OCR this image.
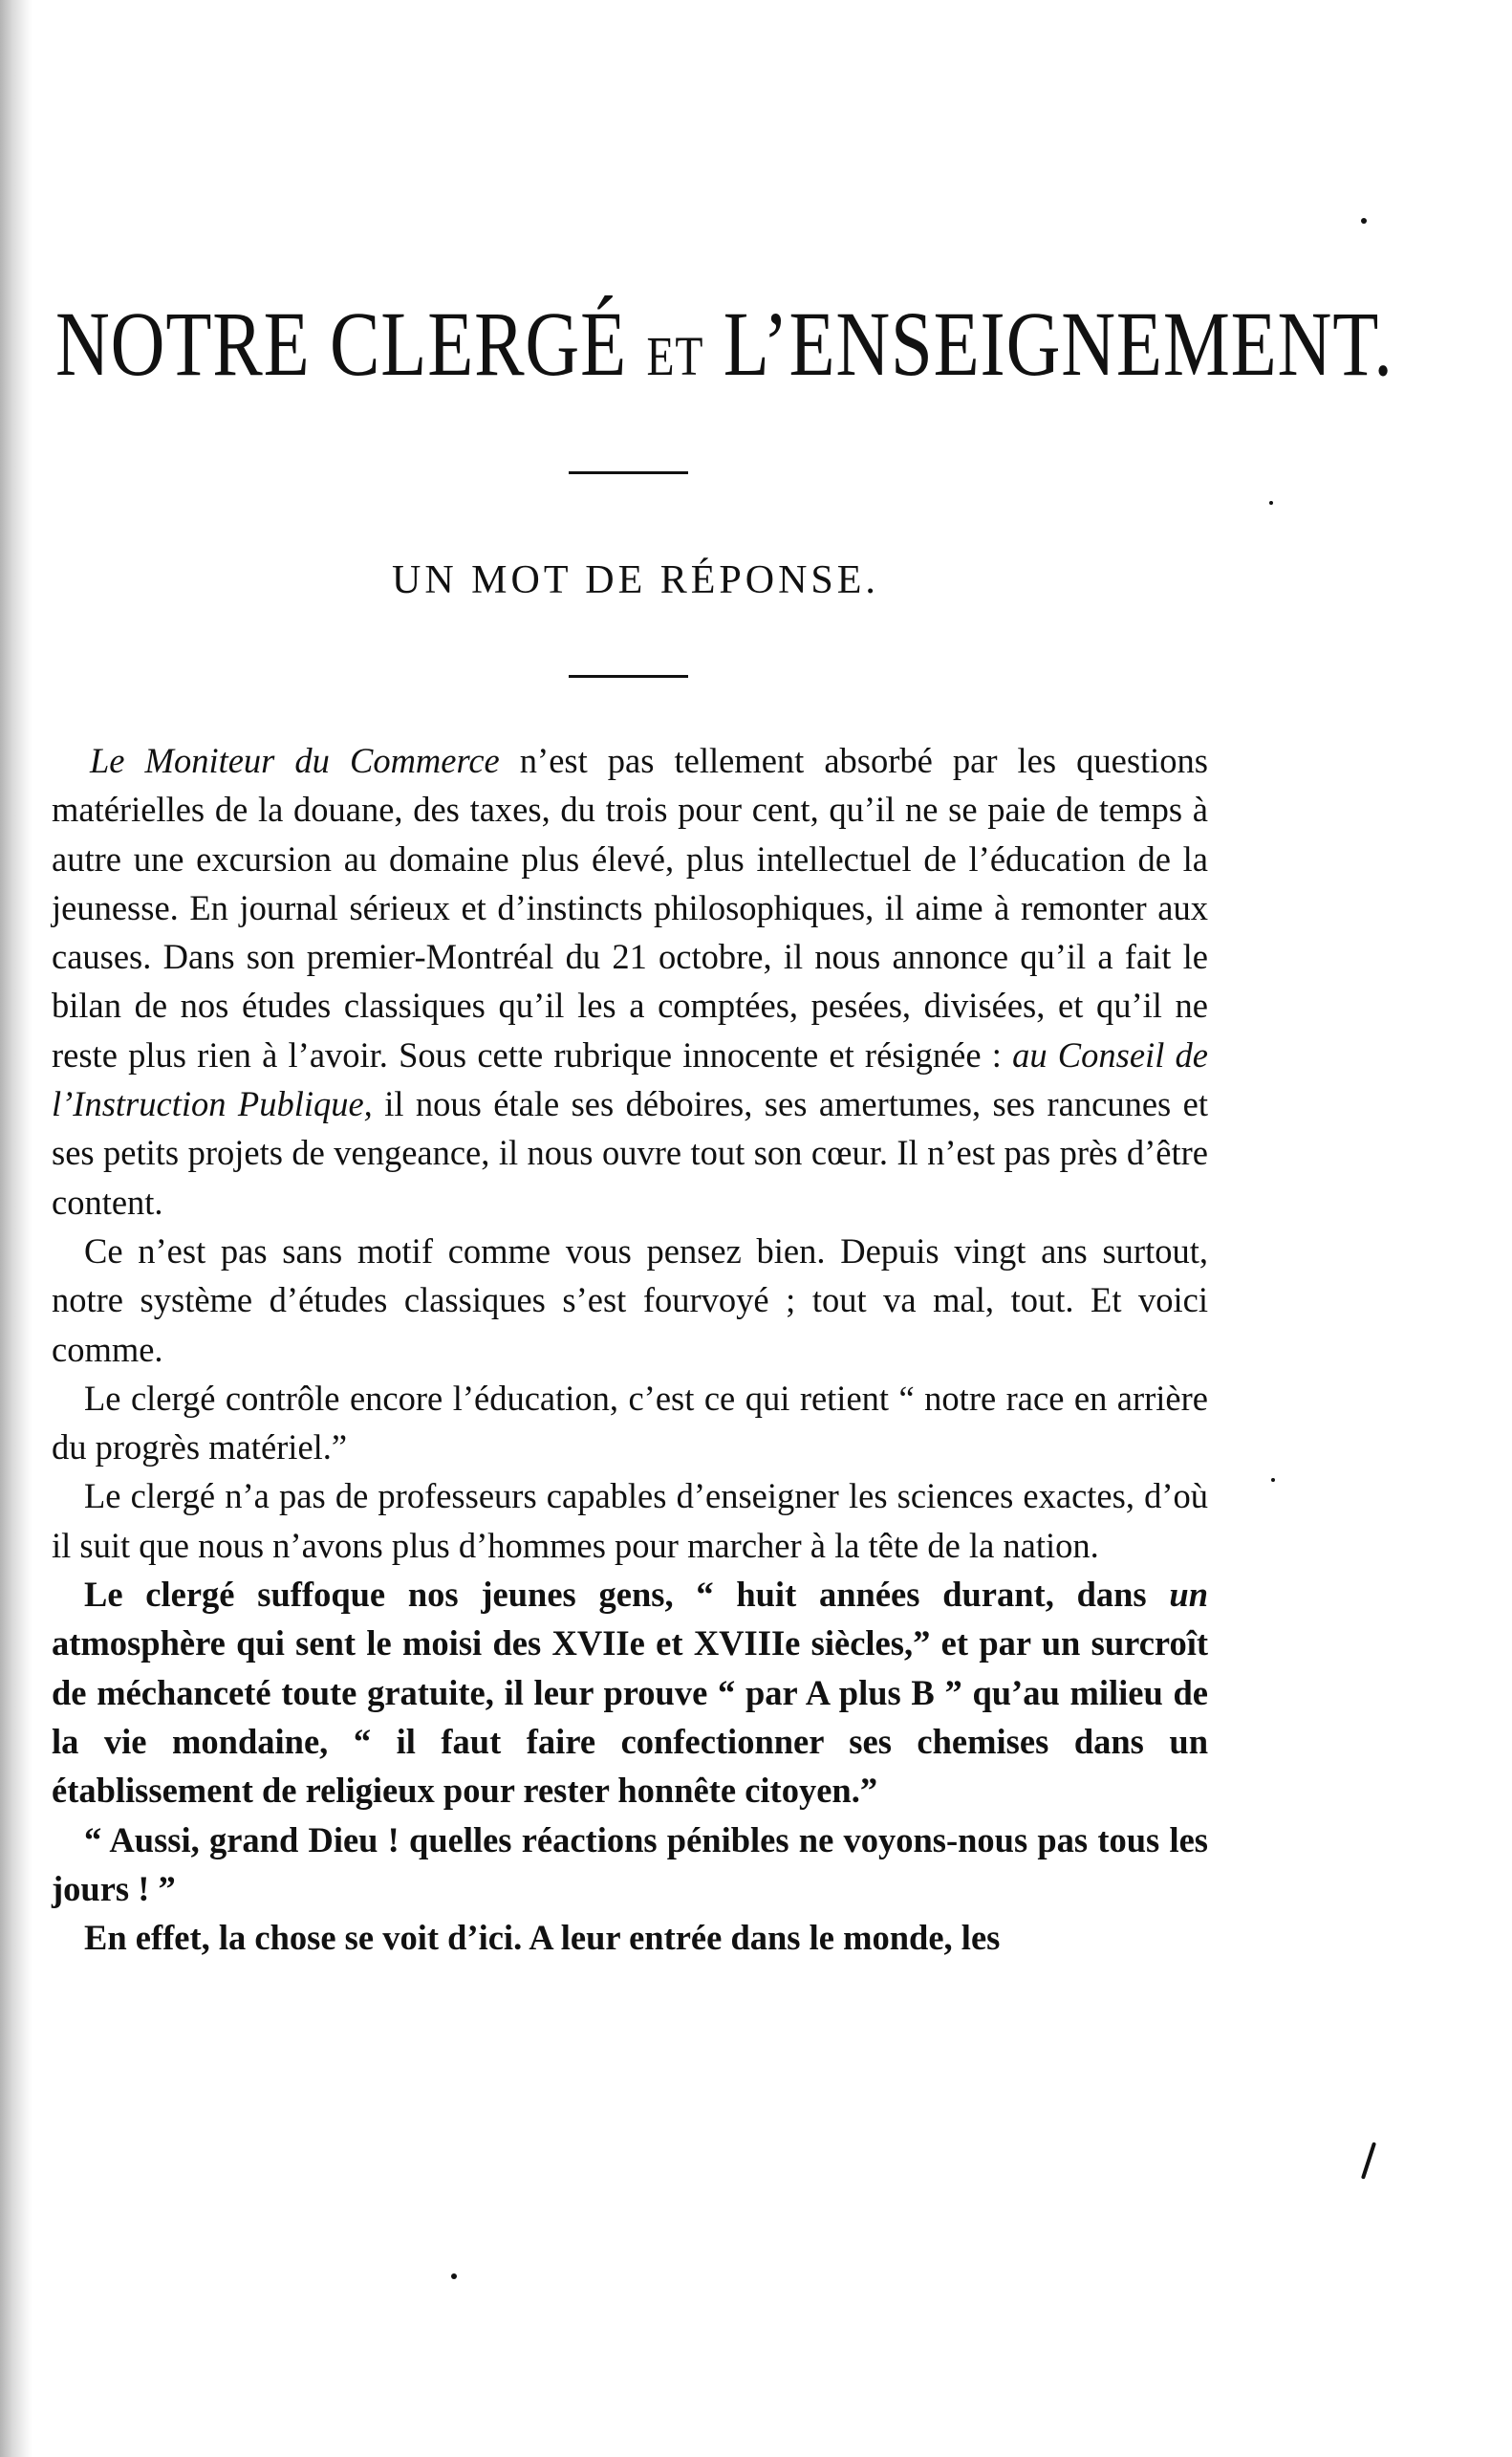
NOTRE CLERGÉ ET L’ENSEIGNEMENT.
UN MOT DE RÉPONSE.

Le Moniteur du Commerce n’est pas tellement absorbé par les questions matérielles de la douane, des taxes, du trois pour cent, qu’il ne se paie de temps à autre une excursion au domaine plus élevé, plus intellectuel de l’éducation de la jeunesse. En journal sérieux et d’instincts philosophiques, il aime à remonter aux causes. Dans son premier-Montréal du 21 octobre, il nous annonce qu’il a fait le bilan de nos études classiques qu’il les a comptées, pesées, divisées, et qu’il ne reste plus rien à l’avoir. Sous cette rubrique innocente et résignée : au Conseil de l’Instruction Publique, il nous étale ses déboires, ses amertumes, ses rancunes et ses petits projets de vengeance, il nous ouvre tout son cœur. Il n’est pas près d’être content.

Ce n’est pas sans motif comme vous pensez bien. Depuis vingt ans surtout, notre système d’études classiques s’est fourvoyé ; tout va mal, tout. Et voici comme.

Le clergé contrôle encore l’éducation, c’est ce qui retient “ notre race en arrière du progrès matériel.”

Le clergé n’a pas de professeurs capables d’enseigner les sciences exactes, d’où il suit que nous n’avons plus d’hommes pour marcher à la tête de la nation.

Le clergé suffoque nos jeunes gens, “ huit années durant, dans un atmosphère qui sent le moisi des XVIIe et XVIIIe siècles,” et par un surcroît de méchanceté toute gratuite, il leur prouve “ par A plus B ” qu’au milieu de la vie mondaine, “ il faut faire confectionner ses chemises dans un établissement de religieux pour rester honnête citoyen.”

“ Aussi, grand Dieu ! quelles réactions pénibles ne voyons-nous pas tous les jours ! ”

En effet, la chose se voit d’ici. A leur entrée dans le monde, les
